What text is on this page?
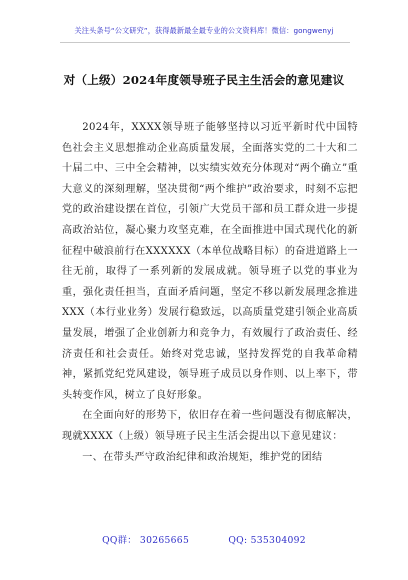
关注头条号“公文研究”，获得最新最全最专业的公文资料库！微信：gongwenyj
对（上级）2024年度领导班子民主生活会的意见建议

2024年，XXXX领导班子能够坚持以习近平新时代中国特色社会主义思想推动企业高质量发展，全面落实党的二十大和二十届二中、三中全会精神，以实绩实效充分体现对“两个确立”重大意义的深刻理解，坚决贯彻“两个维护”政治要求，时刻不忘把党的政治建设摆在首位，引领广大党员干部和员工群众进一步提高政治站位，凝心聚力攻坚克难，在全面推进中国式现代化的新征程中破浪前行在XXXXXX（本单位战略目标）的奋进道路上一往无前，取得了一系列新的发展成就。领导班子以党的事业为重，强化责任担当，直面矛盾问题，坚定不移以新发展理念推进XXX（本行业业务）发展行稳致远，以高质量党建引领企业高质量发展，增强了企业创新力和竞争力，有效履行了政治责任、经济责任和社会责任。始终对党忠诚，坚持发挥党的自我革命精神，紧抓党纪党风建设，领导班子成员以身作则、以上率下，带头转变作风，树立了良好形象。

在全面向好的形势下，依旧存在着一些问题没有彻底解决，现就XXXX（上级）领导班子民主生活会提出以下意见建议：

一、在带头严守政治纪律和政治规矩，维护党的团结

QQ群： 30265665	QQ: 535304092
